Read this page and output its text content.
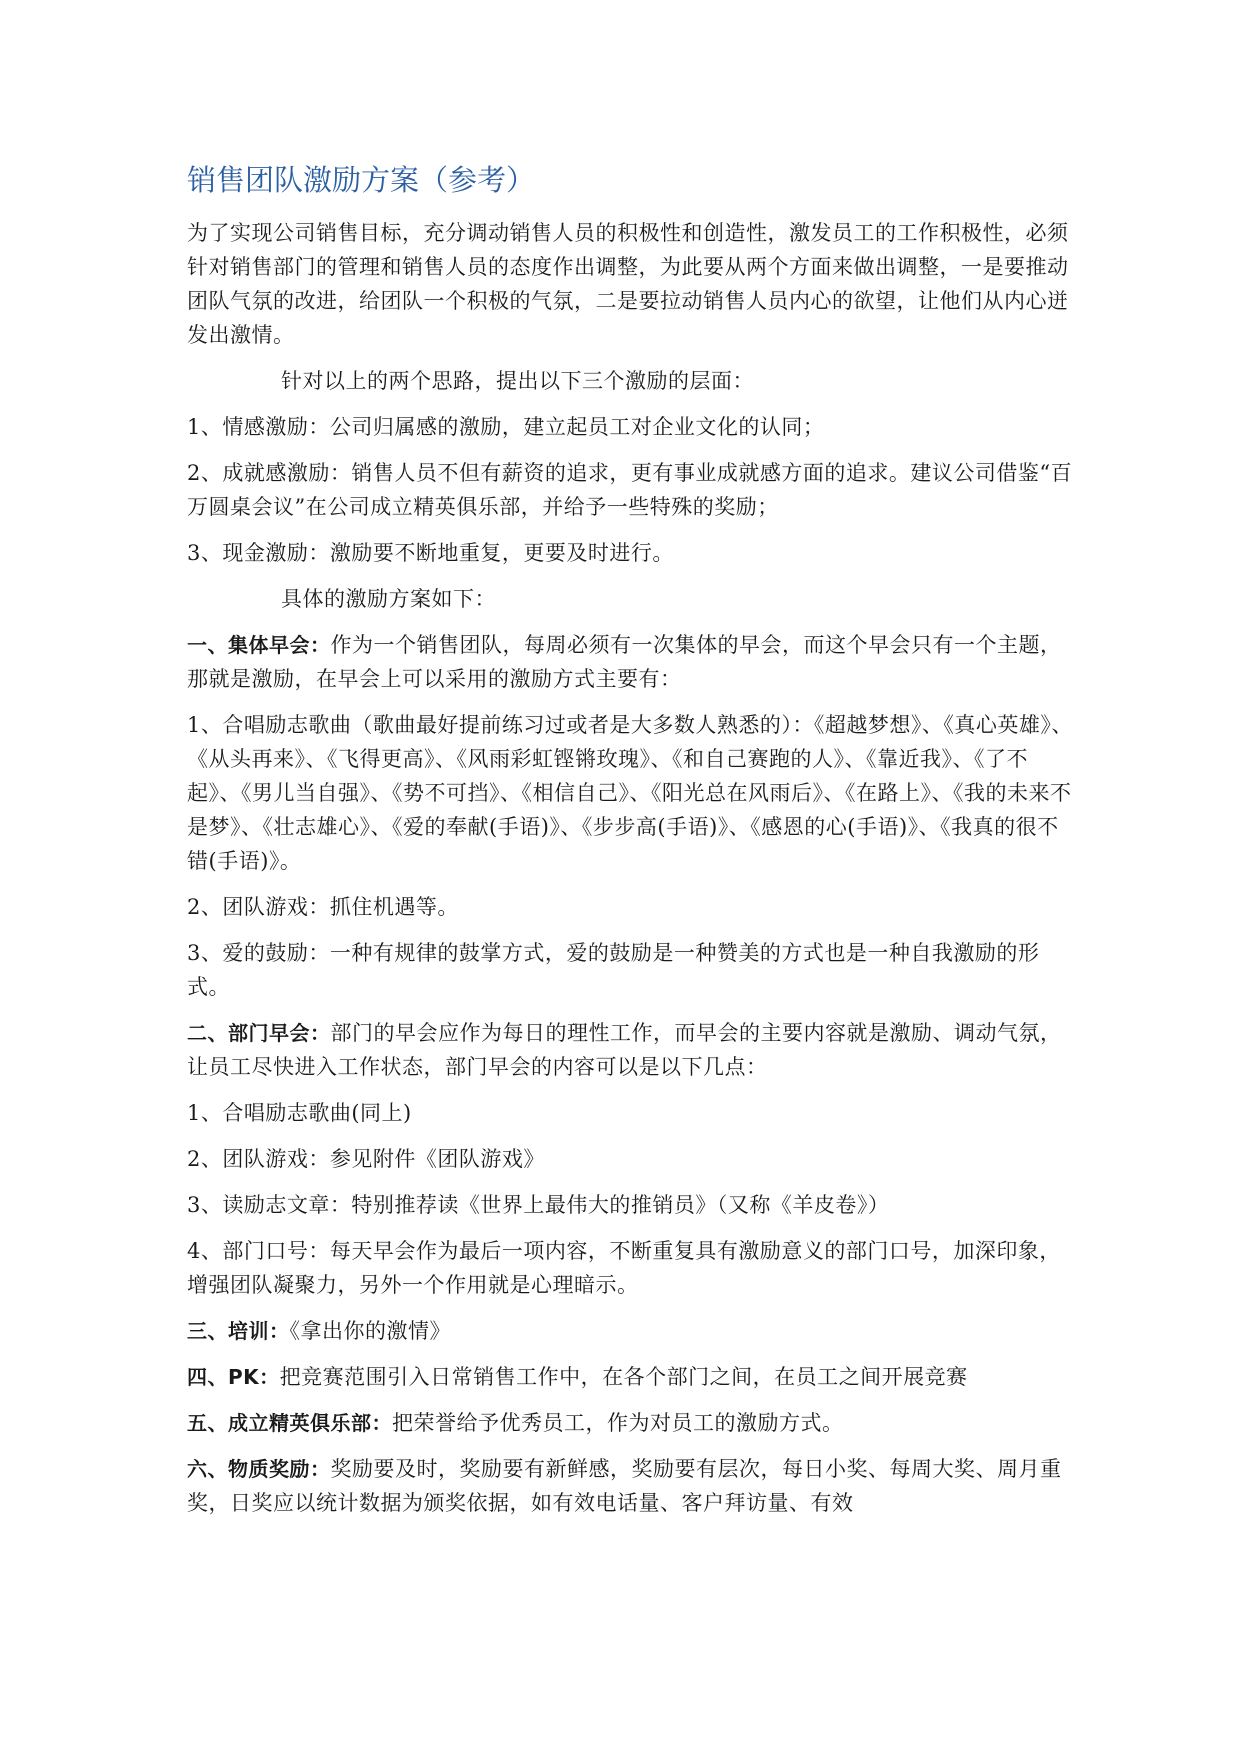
销售团队激励方案（参考）

为了实现公司销售目标，充分调动销售人员的积极性和创造性，激发员工的工作积极性，必须针对销售部门的管理和销售人员的态度作出调整，为此要从两个方面来做出调整，一是要推动团队气氛的改进，给团队一个积极的气氛，二是要拉动销售人员内心的欲望，让他们从内心迸发出激情。

针对以上的两个思路，提出以下三个激励的层面：

1、情感激励：公司归属感的激励，建立起员工对企业文化的认同；

2、成就感激励：销售人员不但有薪资的追求，更有事业成就感方面的追求。建议公司借鉴“百万圆桌会议”在公司成立精英俱乐部，并给予一些特殊的奖励；

3、现金激励：激励要不断地重复，更要及时进行。

具体的激励方案如下：

一、集体早会：作为一个销售团队，每周必须有一次集体的早会，而这个早会只有一个主题，那就是激励，在早会上可以采用的激励方式主要有：

1、合唱励志歌曲（歌曲最好提前练习过或者是大多数人熟悉的）：《超越梦想》、《真心英雄》、《从头再来》、《飞得更高》、《风雨彩虹铿锵玫瑰》、《和自己赛跑的人》、《靠近我》、《了不起》、《男儿当自强》、《势不可挡》、《相信自己》、《阳光总在风雨后》、《在路上》、《我的未来不是梦》、《壮志雄心》、《爱的奉献(手语)》、《步步高(手语)》、《感恩的心(手语)》、《我真的很不错(手语)》。

2、团队游戏：抓住机遇等。

3、爱的鼓励：一种有规律的鼓掌方式，爱的鼓励是一种赞美的方式也是一种自我激励的形式。

二、部门早会：部门的早会应作为每日的理性工作，而早会的主要内容就是激励、调动气氛，让员工尽快进入工作状态，部门早会的内容可以是以下几点：

1、合唱励志歌曲(同上)

2、团队游戏：参见附件《团队游戏》

3、读励志文章：特别推荐读《世界上最伟大的推销员》（又称《羊皮卷》）

4、部门口号：每天早会作为最后一项内容，不断重复具有激励意义的部门口号，加深印象，增强团队凝聚力，另外一个作用就是心理暗示。

三、培训：《拿出你的激情》

四、PK：把竞赛范围引入日常销售工作中，在各个部门之间，在员工之间开展竞赛

五、成立精英俱乐部：把荣誉给予优秀员工，作为对员工的激励方式。

六、物质奖励：奖励要及时，奖励要有新鲜感，奖励要有层次，每日小奖、每周大奖、周月重奖，日奖应以统计数据为颁奖依据，如有效电话量、客户拜访量、有效
